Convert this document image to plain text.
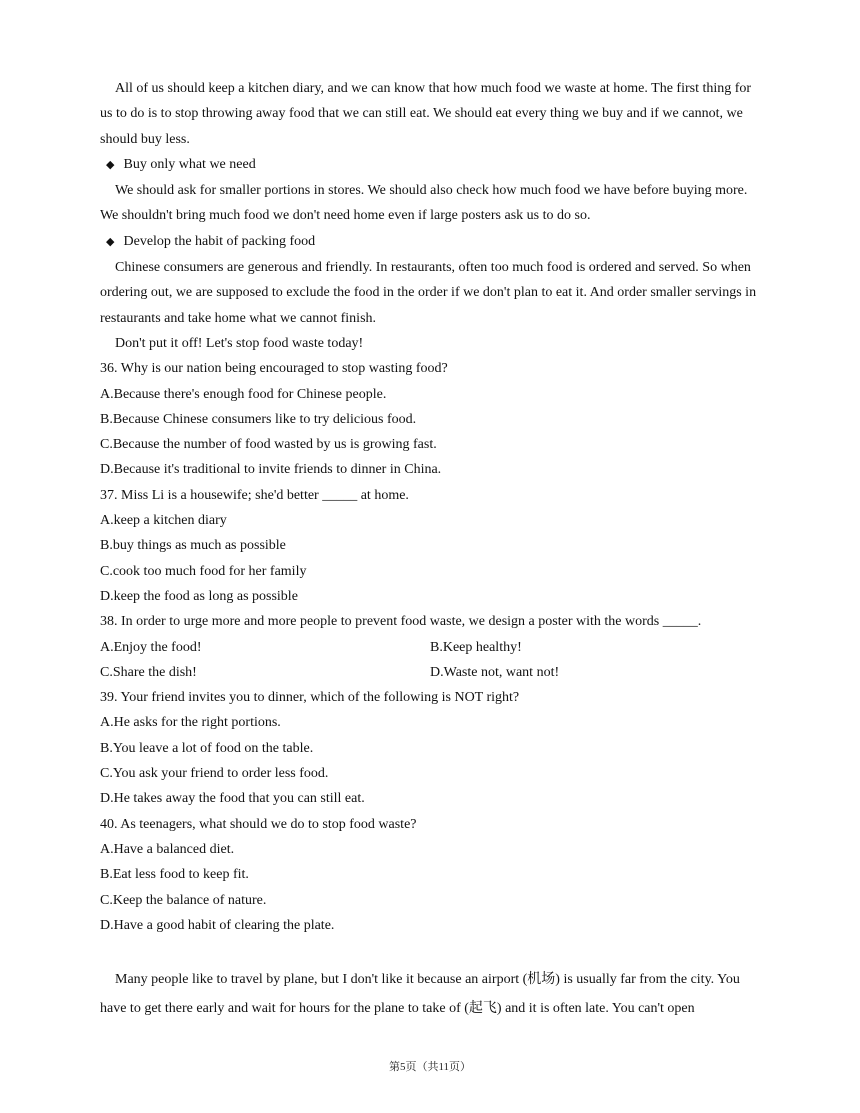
All of us should keep a kitchen diary, and we can know that how much food we waste at home. The first thing for us to do is to stop throwing away food that we can still eat. We should eat every thing we buy and if we cannot, we should buy less.

◆ Buy only what we need

We should ask for smaller portions in stores. We should also check how much food we have before buying more. We shouldn't bring much food we don't need home even if large posters ask us to do so.

◆ Develop the habit of packing food

Chinese consumers are generous and friendly. In restaurants, often too much food is ordered and served. So when ordering out, we are supposed to exclude the food in the order if we don't plan to eat it. And order smaller servings in restaurants and take home what we cannot finish.

Don't put it off! Let's stop food waste today!

36. Why is our nation being encouraged to stop wasting food?

A.Because there's enough food for Chinese people.

B.Because Chinese consumers like to try delicious food.

C.Because the number of food wasted by us is growing fast.

D.Because it's traditional to invite friends to dinner in China.

37. Miss Li is a housewife; she'd better _____ at home.

A.keep a kitchen diary

B.buy things as much as possible

C.cook too much food for her family

D.keep the food as long as possible

38. In order to urge more and more people to prevent food waste, we design a poster with the words _____.

A.Enjoy the food!	B.Keep healthy!
C.Share the dish!	D.Waste not, want not!

39. Your friend invites you to dinner, which of the following is NOT right?

A.He asks for the right portions.

B.You leave a lot of food on the table.

C.You ask your friend to order less food.

D.He takes away the food that you can still eat.

40. As teenagers, what should we do to stop food waste?

A.Have a balanced diet.

B.Eat less food to keep fit.

C.Keep the balance of nature.

D.Have a good habit of clearing the plate.

Many people like to travel by plane, but I don't like it because an airport (机场) is usually far from the city. You have to get there early and wait for hours for the plane to take of (起飞) and it is often late. You can't open

第5页（共11页）
